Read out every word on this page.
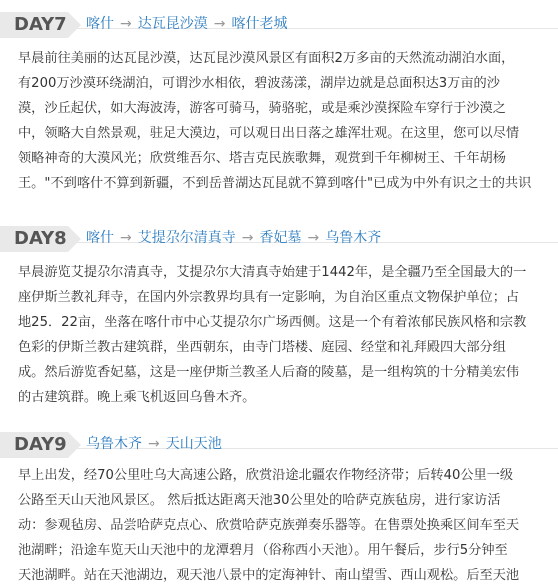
DAY7 喀什 → 达瓦昆沙漠 → 喀什老城
早晨前往美丽的达瓦昆沙漠，达瓦昆沙漠风景区有面积2万多亩的天然流动湖泊水面，
有200万沙漠环绕湖泊，可谓沙水相依，碧波荡漾，湖岸边就是总面积达3万亩的沙
漠，沙丘起伏，如大海波涛，游客可骑马，骑骆驼，或是乘沙漠探险车穿行于沙漠之
中，领略大自然景观，驻足大漠边，可以观日出日落之雄浑壮观。在这里，您可以尽情
领略神奇的大漠风光；欣赏维吾尔、塔吉克民族歌舞，观赏到千年柳树王、千年胡杨
王。"不到喀什不算到新疆，不到岳普湖达瓦昆就不算到喀什"已成为中外有识之士的共识
DAY8 喀什 → 艾提尕尔清真寺 → 香妃墓 → 乌鲁木齐
早晨游览艾提尕尔清真寺，艾提尕尔大清真寺始建于1442年，是全疆乃至全国最大的一
座伊斯兰教礼拜寺，在国内外宗教界均具有一定影响，为自治区重点文物保护单位；占
地25．22亩，坐落在喀什市中心艾提尕尔广场西侧。这是一个有着浓郁民族风格和宗教
色彩的伊斯兰教古建筑群，坐西朝东，由寺门塔楼、庭园、经堂和礼拜殿四大部分组
成。然后游览香妃墓，这是一座伊斯兰教圣人后裔的陵墓，是一组构筑的十分精美宏伟
的古建筑群。晚上乘飞机返回乌鲁木齐。
DAY9 乌鲁木齐 → 天山天池
早上出发，经70公里吐乌大高速公路，欣赏沿途北疆农作物经济带；后转40公里一级
公路至天山天池风景区。 然后抵达距离天池30公里处的哈萨克族毡房，进行家访活
动：参观毡房、品尝哈萨克点心、欣赏哈萨克族弹奏乐器等。在售票处换乘区间车至天
池湖畔；沿途车览天山天池中的龙潭碧月（俗称西小天池）。用午餐后，步行5分钟至
天池湖畔。站在天池湖边，观天池八景中的定海神针、南山望雪、西山观松。后至天池
